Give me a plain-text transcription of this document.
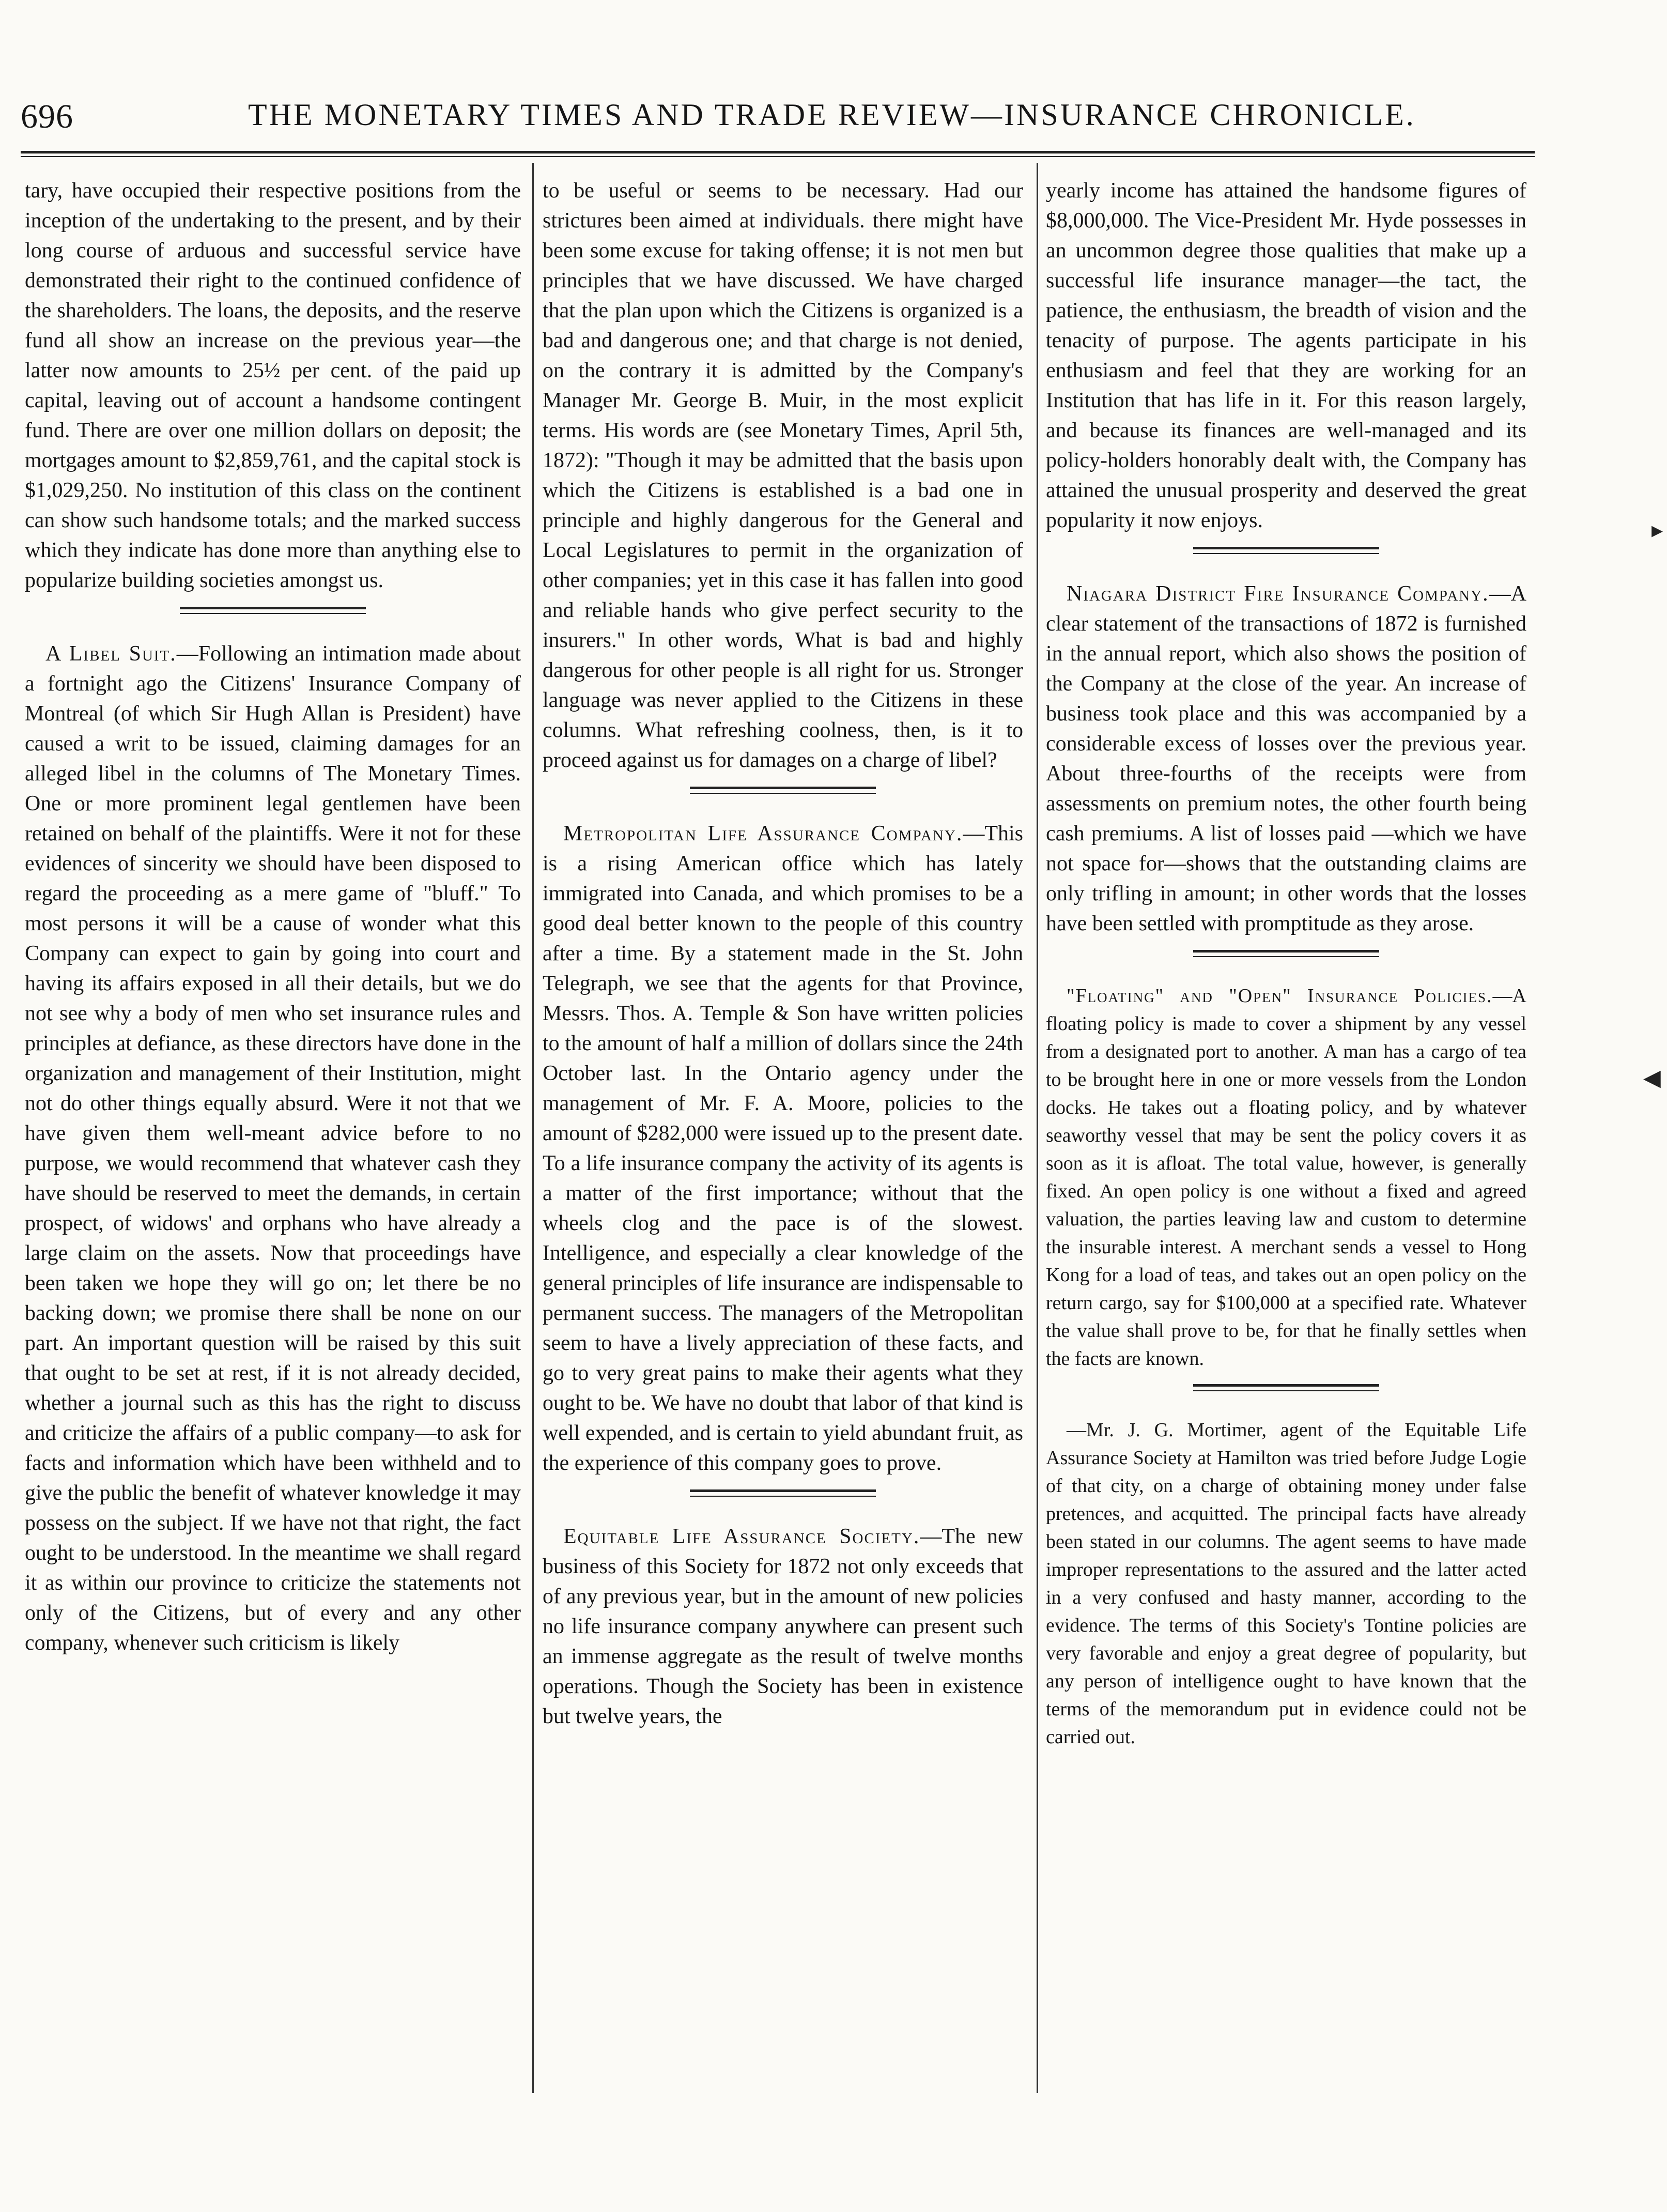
696	THE MONETARY TIMES AND TRADE REVIEW—INSURANCE CHRONICLE.

tary, have occupied their respective positions from the inception of the undertaking to the present, and by their long course of arduous and successful service have demonstrated their right to the continued confidence of the shareholders. The loans, the deposits, and the reserve fund all show an increase on the previous year—the latter now amounts to 25½ per cent. of the paid up capital, leaving out of account a handsome contingent fund. There are over one million dollars on deposit; the mortgages amount to $2,859,761, and the capital stock is $1,029,250. No institution of this class on the continent can show such handsome totals; and the marked success which they indicate has done more than anything else to popularize building societies amongst us.

A Libel Suit.—Following an intimation made about a fortnight ago the Citizens' Insurance Company of Montreal (of which Sir Hugh Allan is President) have caused a writ to be issued, claiming damages for an alleged libel in the columns of The Monetary Times. One or more prominent legal gentlemen have been retained on behalf of the plaintiffs. Were it not for these evidences of sincerity we should have been disposed to regard the proceeding as a mere game of "bluff." To most persons it will be a cause of wonder what this Company can expect to gain by going into court and having its affairs exposed in all their details, but we do not see why a body of men who set insurance rules and principles at defiance, as these directors have done in the organization and management of their Institution, might not do other things equally absurd. Were it not that we have given them well-meant advice before to no purpose, we would recommend that whatever cash they have should be reserved to meet the demands, in certain prospect, of widows' and orphans who have already a large claim on the assets. Now that proceedings have been taken we hope they will go on; let there be no backing down; we promise there shall be none on our part. An important question will be raised by this suit that ought to be set at rest, if it is not already decided, whether a journal such as this has the right to discuss and criticize the affairs of a public company—to ask for facts and information which have been withheld and to give the public the benefit of whatever knowledge it may possess on the subject. If we have not that right, the fact ought to be understood. In the meantime we shall regard it as within our province to criticize the statements not only of the Citizens, but of every and any other company, whenever such criticism is likely

to be useful or seems to be necessary. Had our strictures been aimed at individuals. there might have been some excuse for taking offense; it is not men but principles that we have discussed. We have charged that the plan upon which the Citizens is organized is a bad and dangerous one; and that charge is not denied, on the contrary it is admitted by the Company's Manager Mr. George B. Muir, in the most explicit terms. His words are (see Monetary Times, April 5th, 1872): "Though it may be admitted that the basis upon which the Citizens is established is a bad one in principle and highly dangerous for the General and Local Legislatures to permit in the organization of other companies; yet in this case it has fallen into good and reliable hands who give perfect security to the insurers." In other words, What is bad and highly dangerous for other people is all right for us. Stronger language was never applied to the Citizens in these columns. What refreshing coolness, then, is it to proceed against us for damages on a charge of libel?

Metropolitan Life Assurance Company.—This is a rising American office which has lately immigrated into Canada, and which promises to be a good deal better known to the people of this country after a time. By a statement made in the St. John Telegraph, we see that the agents for that Province, Messrs. Thos. A. Temple & Son have written policies to the amount of half a million of dollars since the 24th October last. In the Ontario agency under the management of Mr. F. A. Moore, policies to the amount of $282,000 were issued up to the present date. To a life insurance company the activity of its agents is a matter of the first importance; without that the wheels clog and the pace is of the slowest. Intelligence, and especially a clear knowledge of the general principles of life insurance are indispensable to permanent success. The managers of the Metropolitan seem to have a lively appreciation of these facts, and go to very great pains to make their agents what they ought to be. We have no doubt that labor of that kind is well expended, and is certain to yield abundant fruit, as the experience of this company goes to prove.

Equitable Life Assurance Society.—The new business of this Society for 1872 not only exceeds that of any previous year, but in the amount of new policies no life insurance company anywhere can present such an immense aggregate as the result of twelve months operations. Though the Society has been in existence but twelve years, the

yearly income has attained the handsome figures of $8,000,000. The Vice-President Mr. Hyde possesses in an uncommon degree those qualities that make up a successful life insurance manager—the tact, the patience, the enthusiasm, the breadth of vision and the tenacity of purpose. The agents participate in his enthusiasm and feel that they are working for an Institution that has life in it. For this reason largely, and because its finances are well-managed and its policy-holders honorably dealt with, the Company has attained the unusual prosperity and deserved the great popularity it now enjoys.

Niagara District Fire Insurance Company.—A clear statement of the transactions of 1872 is furnished in the annual report, which also shows the position of the Company at the close of the year. An increase of business took place and this was accompanied by a considerable excess of losses over the previous year. About three-fourths of the receipts were from assessments on premium notes, the other fourth being cash premiums. A list of losses paid —which we have not space for—shows that the outstanding claims are only trifling in amount; in other words that the losses have been settled with promptitude as they arose.

"Floating" and "Open" Insurance Policies.—A floating policy is made to cover a shipment by any vessel from a designated port to another. A man has a cargo of tea to be brought here in one or more vessels from the London docks. He takes out a floating policy, and by whatever seaworthy vessel that may be sent the policy covers it as soon as it is afloat. The total value, however, is generally fixed. An open policy is one without a fixed and agreed valuation, the parties leaving law and custom to determine the insurable interest. A merchant sends a vessel to Hong Kong for a load of teas, and takes out an open policy on the return cargo, say for $100,000 at a specified rate. Whatever the value shall prove to be, for that he finally settles when the facts are known.

—Mr. J. G. Mortimer, agent of the Equitable Life Assurance Society at Hamilton was tried before Judge Logie of that city, on a charge of obtaining money under false pretences, and acquitted. The principal facts have already been stated in our columns. The agent seems to have made improper representations to the assured and the latter acted in a very confused and hasty manner, according to the evidence. The terms of this Society's Tontine policies are very favorable and enjoy a great degree of popularity, but any person of intelligence ought to have known that the terms of the memorandum put in evidence could not be carried out.

▸
◀
